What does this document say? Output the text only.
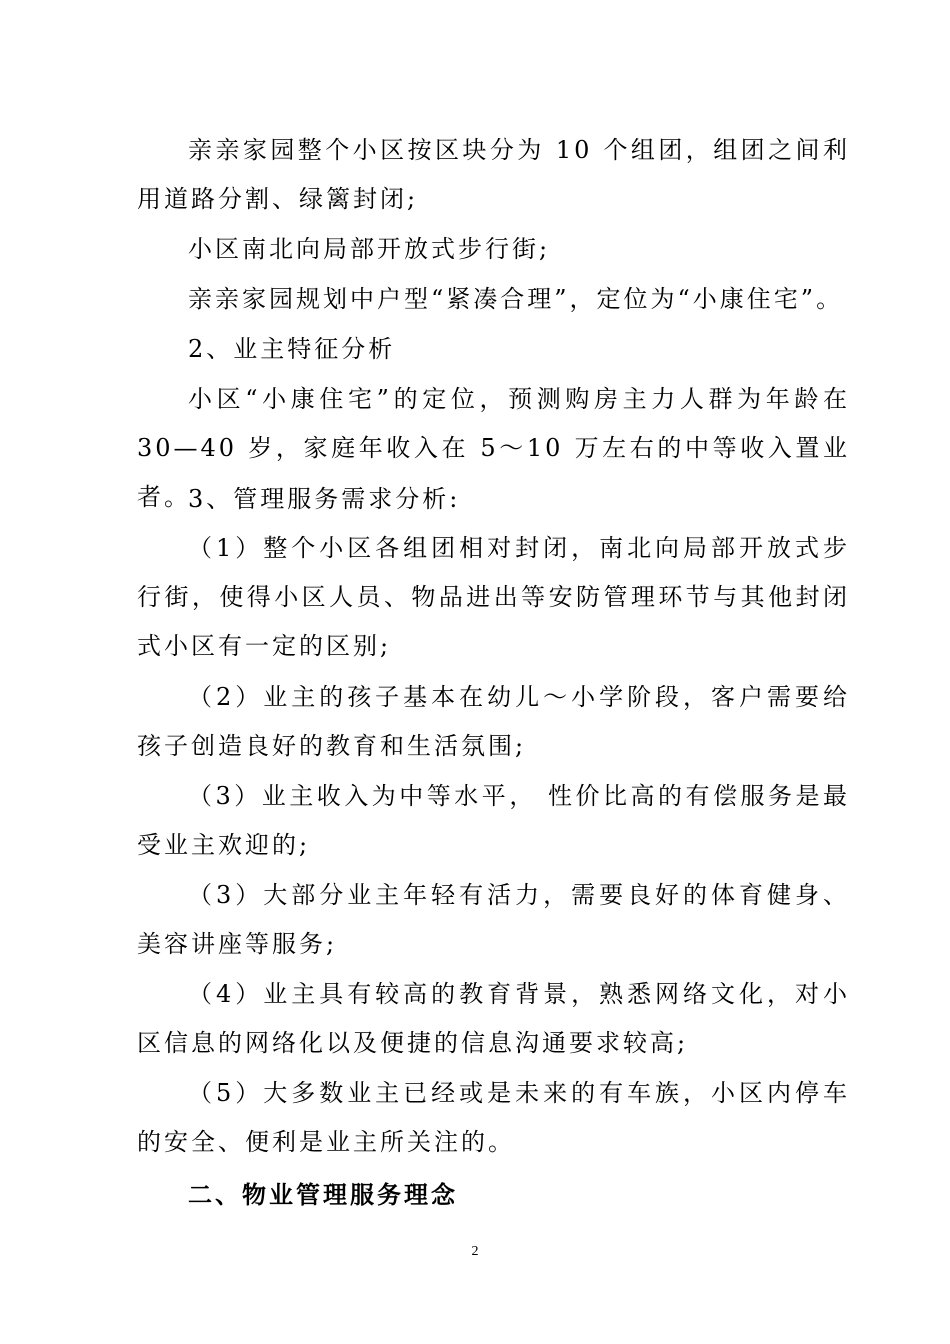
亲亲家园整个小区按区块分为 10 个组团，组团之间利用道路分割、绿篱封闭;

小区南北向局部开放式步行街;

亲亲家园规划中户型“紧凑合理”，定位为“小康住宅”。

2、业主特征分析

小区“小康住宅”的定位，预测购房主力人群为年龄在 30—40 岁，家庭年收入在 5～10 万左右的中等收入置业者。

3、管理服务需求分析:

（1）整个小区各组团相对封闭，南北向局部开放式步行街，使得小区人员、物品进出等安防管理环节与其他封闭式小区有一定的区别;

（2）业主的孩子基本在幼儿～小学阶段，客户需要给孩子创造良好的教育和生活氛围;

（3）业主收入为中等水平， 性价比高的有偿服务是最受业主欢迎的;

（3）大部分业主年轻有活力，需要良好的体育健身、美容讲座等服务;

（4）业主具有较高的教育背景，熟悉网络文化，对小区信息的网络化以及便捷的信息沟通要求较高;

（5）大多数业主已经或是未来的有车族，小区内停车的安全、便利是业主所关注的。

二、物业管理服务理念

2
